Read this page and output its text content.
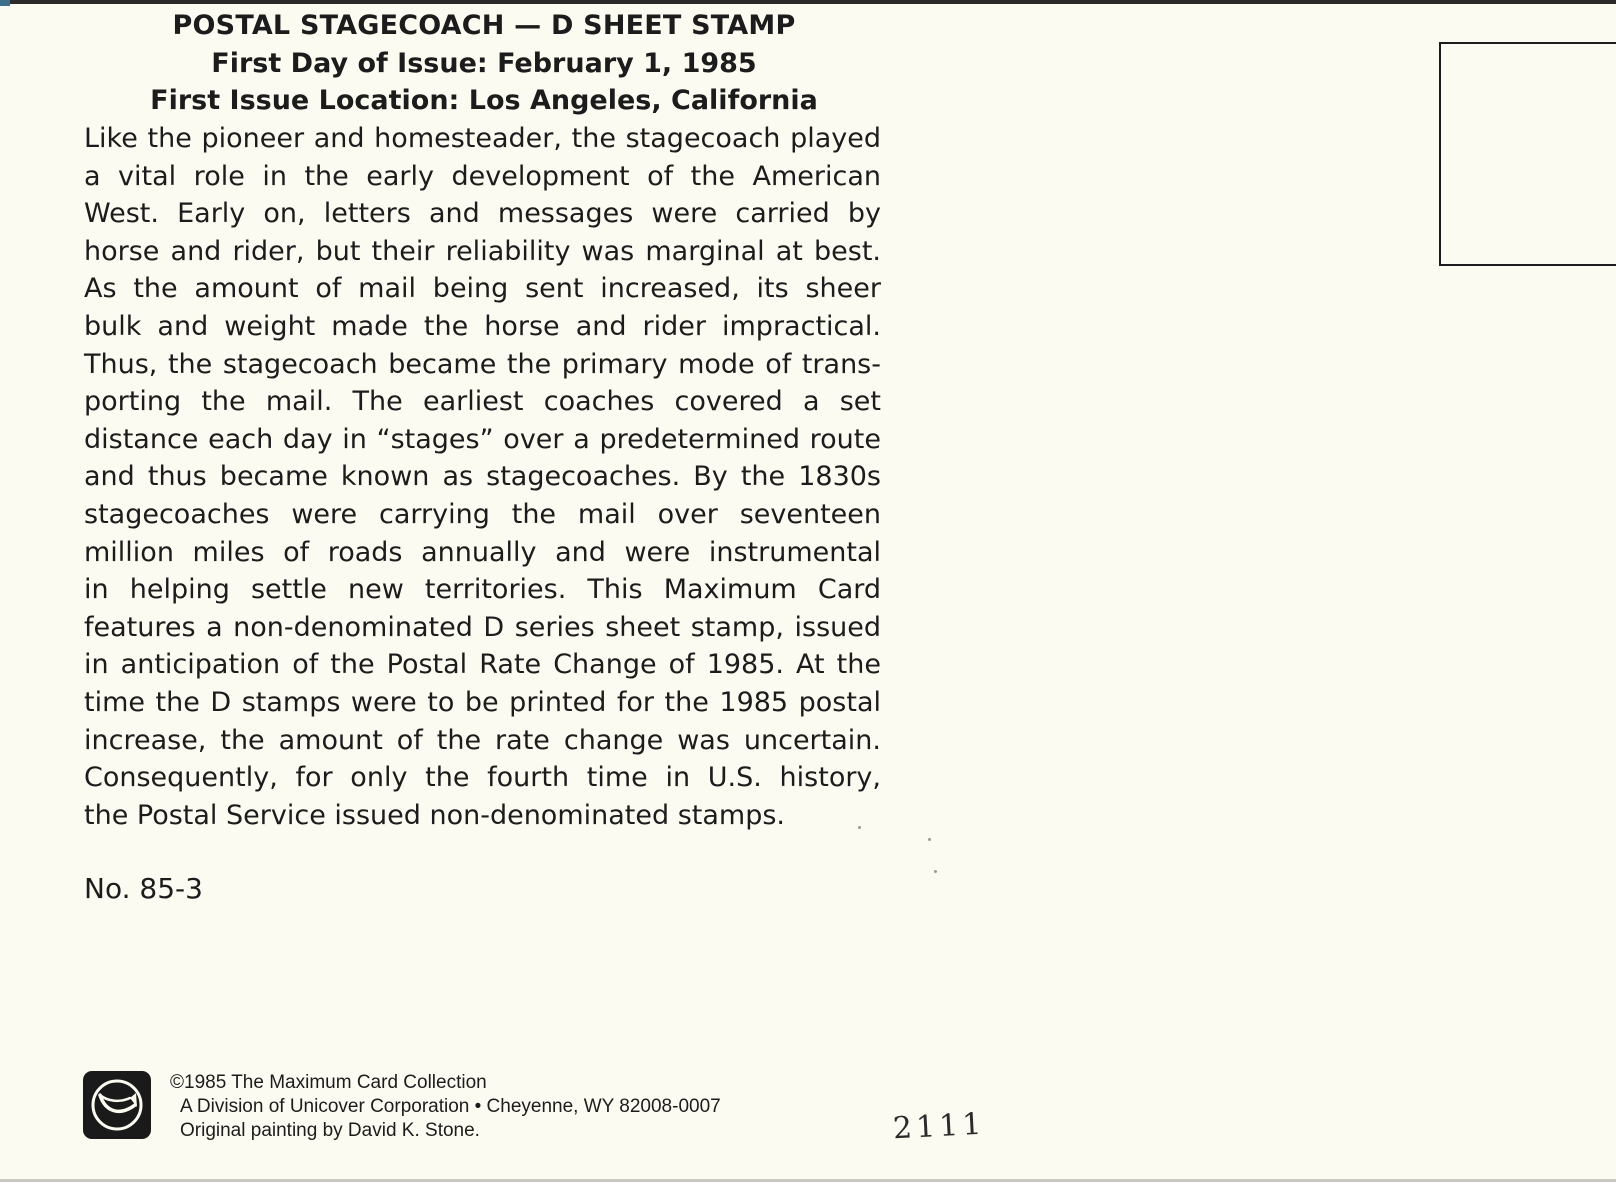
POSTAL STAGECOACH — D SHEET STAMP
First Day of Issue: February 1, 1985
First Issue Location: Los Angeles, California
Like the pioneer and homesteader, the stagecoach played
a vital role in the early development of the American
West. Early on, letters and messages were carried by
horse and rider, but their reliability was marginal at best.
As the amount of mail being sent increased, its sheer
bulk and weight made the horse and rider impractical.
Thus, the stagecoach became the primary mode of trans-
porting the mail. The earliest coaches covered a set
distance each day in “stages” over a predetermined route
and thus became known as stagecoaches. By the 1830s
stagecoaches were carrying the mail over seventeen
million miles of roads annually and were instrumental
in helping settle new territories. This Maximum Card
features a non-denominated D series sheet stamp, issued
in anticipation of the Postal Rate Change of 1985. At the
time the D stamps were to be printed for the 1985 postal
increase, the amount of the rate change was uncertain.
Consequently, for only the fourth time in U.S. history,
the Postal Service issued non-denominated stamps.
No. 85-3
©1985 The Maximum Card Collection
A Division of Unicover Corporation • Cheyenne, WY 82008-0007
Original painting by David K. Stone.	2111
